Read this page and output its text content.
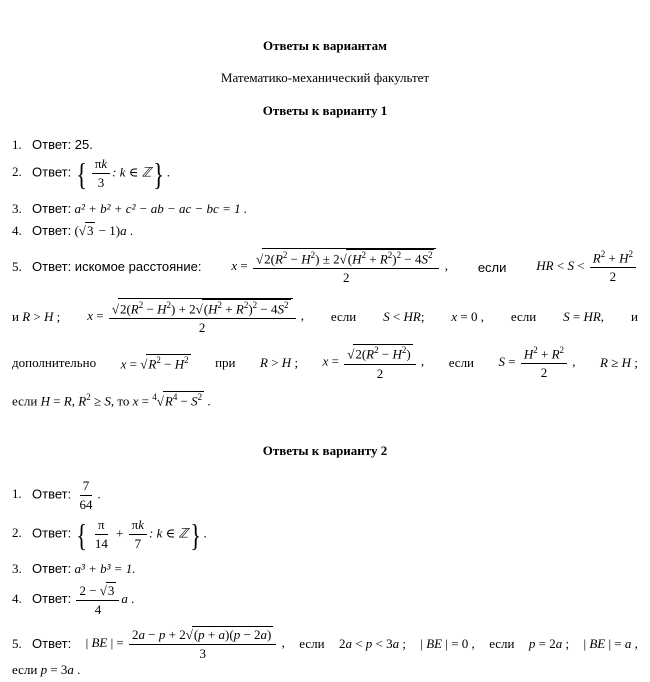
Ответы к вариантам
Математико-механический факультет
Ответы к варианту 1
1. Ответ: 25.
2. Ответ: { $\frac{\pi k}{3}$ : k ∈ ℤ} .
3. Ответ: a² + b² + c² − ab − ac − bc = 1 .
4. Ответ: (√3 − 1)a .
5. Ответ: искомое расстояние: $x = \frac{√2(R^2 - H^2) \pm 2√(H^2 + R^2)^2 - 4S^2}{2}$ , если HR < $S < \frac{R^2 + H^2}{2}$
и R > H ; $x = \frac{√2(R^2 - H^2) + 2√(H^2 + R^2)^2 - 4S^2}{2}$ , если S < HR; x = 0 , если S = HR, и
дополнительно $x = √R^2 - H^2$ при R > H ; $x = \frac{√2(R^2 - H^2)}{2}$ , если $S = \frac{H^2 + R^2}{2}$ , R ≥ H ;
если H = R, $R^2 \ge S$, то $x = ^4√R^4 - S^2$ .
Ответы к варианту 2
1. Ответ: $\frac{7}{64}$ .
2. Ответ: { $\frac{\pi}{14} + \frac{\pi k}{7}$ : k ∈ ℤ} .
3. Ответ: a³ + b³ = 1.
4. Ответ: $\frac{2 - √3}{4}$ a .
5. Ответ: | BE | = $\frac{2a - p + 2√(p + a)(p - 2a)}{3}$ , если 2a < p < 3a ; | BE | = 0 , если p = 2a ; | BE | = a ,
если p = 3a .
